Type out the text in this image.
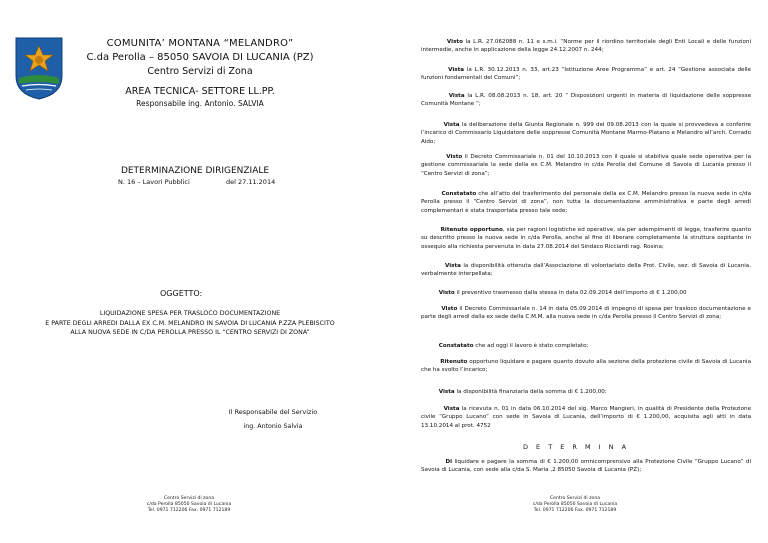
COMUNITA’ MONTANA “MELANDRO”
C.da Perolla – 85050 SAVOIA DI LUCANIA (PZ)
Centro Servizi di Zona
AREA TECNICA- SETTORE LL.PP.
Responsabile ing. Antonio. SALVIA
DETERMINAZIONE DIRIGENZIALE
N. 16 – Lavori Pubblici	del 27.11.2014
OGGETTO:
LIQUIDAZIONE SPESA PER TRASLOCO DOCUMENTAZIONE
E PARTE DEGLI ARREDI DALLA EX C.M. MELANDRO IN SAVOIA DI LUCANIA P.ZZA PLEBISCITO
ALLA NUOVA SEDE IN C/DA PEROLLA PRESSO IL “CENTRO SERVIZI DI ZONA”
Il Responsabile del Servizio
ing. Antonio Salvia
Centro Servizi di zona
c/da Perolla 85050 Savoia di Lucania
Tel. 0971 712206 Fax. 0971 712189
Visto la L.R. 27.062088 n. 11 e s.m.i. “Norme per il riordino territoriale degli Enti Locali e delle funzioni intermedie, anche in applicazione della legge 24.12.2007 n. 244;
Vista la L.R. 30.12.2013 n. 33, art.23 “Istituzione Aree Programma” e art. 24 “Gestione associata delle funzioni fondamentali dei Comuni”;
Vista la L.R. 08.08.2013 n. 18, art. 20 “ Disposizioni urgenti in materia di liquidazione delle soppresse Comunità Montane “;
Vista la deliberazione della Giunta Regionale n. 999 del 09.08.2013 con la quale si provvedeva a conferire l’incarico di Commissario Liquidatore delle soppresse Comunità Montane Marmo-Platano e Melandro all’arch. Corrado Aldo;
Visto il Decreto Commissariale n. 01 del 10.10.2013 con il quale si stabiliva quale sede operativa per la gestione commissariale la sede della ex C.M. Melandro in c/da Perolla del Comune di Savoia di Lucania presso il “Centro Servizi di zona”;
Constatato che all’atto del trasferimento del personale della ex C.M. Melandro presso la nuova sede in c/da Perolla presso il “Centro Servizi di zona”, non tutta la documentazione amministrativa e parte degli arredi complementari è stata trasportata presso tale sede;
Ritenuto opportuno, sia per ragioni logistiche ed operative, sia per adempimenti di legge, trasferire quanto su descritto presso la nuova sede in c/da Perolla, anche al fine di liberare completamente la struttura ospitante in ossequio alla richiesta pervenuta in data 27.08.2014 del Sindaco Ricciardi rag. Rosina;
Vista la disponibilità ottenuta dall’Associazione di volontariato della Prot. Civile, sez. di Savoia di Lucania, verbalmente interpellata;
Visto il preventivo trasmesso dalla stessa in data 02.09.2014 dell’importo di € 1.200,00
Visto il Decreto Commissariale n. 14 in data 05.09.2014 di impegno di spesa per trasloco documentazione e parte degli arredi dalla ex sede della C.M.M. alla nuova sede in c/da Perolla presso il Centro Servizi di zona;
Constatato che ad oggi il lavoro è stato completato;
Ritenuto opportuno liquidare e pagare quanto dovuto alla sezione della protezione civile di Savoia di Lucania che ha svolto l’incarico;
Vista la disponibilità finanziaria della somma di € 1.200,00;
Vista la ricevuta n. 01 in data 06.10.2014 del sig. Marco Mangieri, in qualità di Presidente della Protezione civile “Gruppo Lucano” con sede in Savoia di Lucania, dell’importo di € 1.200,00, acquisita agli atti in data 13.10.2014 al prot. 4752
Di liquidare e pagare la somma di € 1.200,00 omnicomprensivo alla Protezione Civile “Gruppo Lucano” di Savoia di Lucania, con sede alla c/da S. Maria ,2 85050 Savoia di Lucania (PZ);
D E T E R M I N A
Centro Servizi di zona
c/da Perolla 85050 Savoia di Lucania
Tel. 0971 712206 Fax. 0971 712189
